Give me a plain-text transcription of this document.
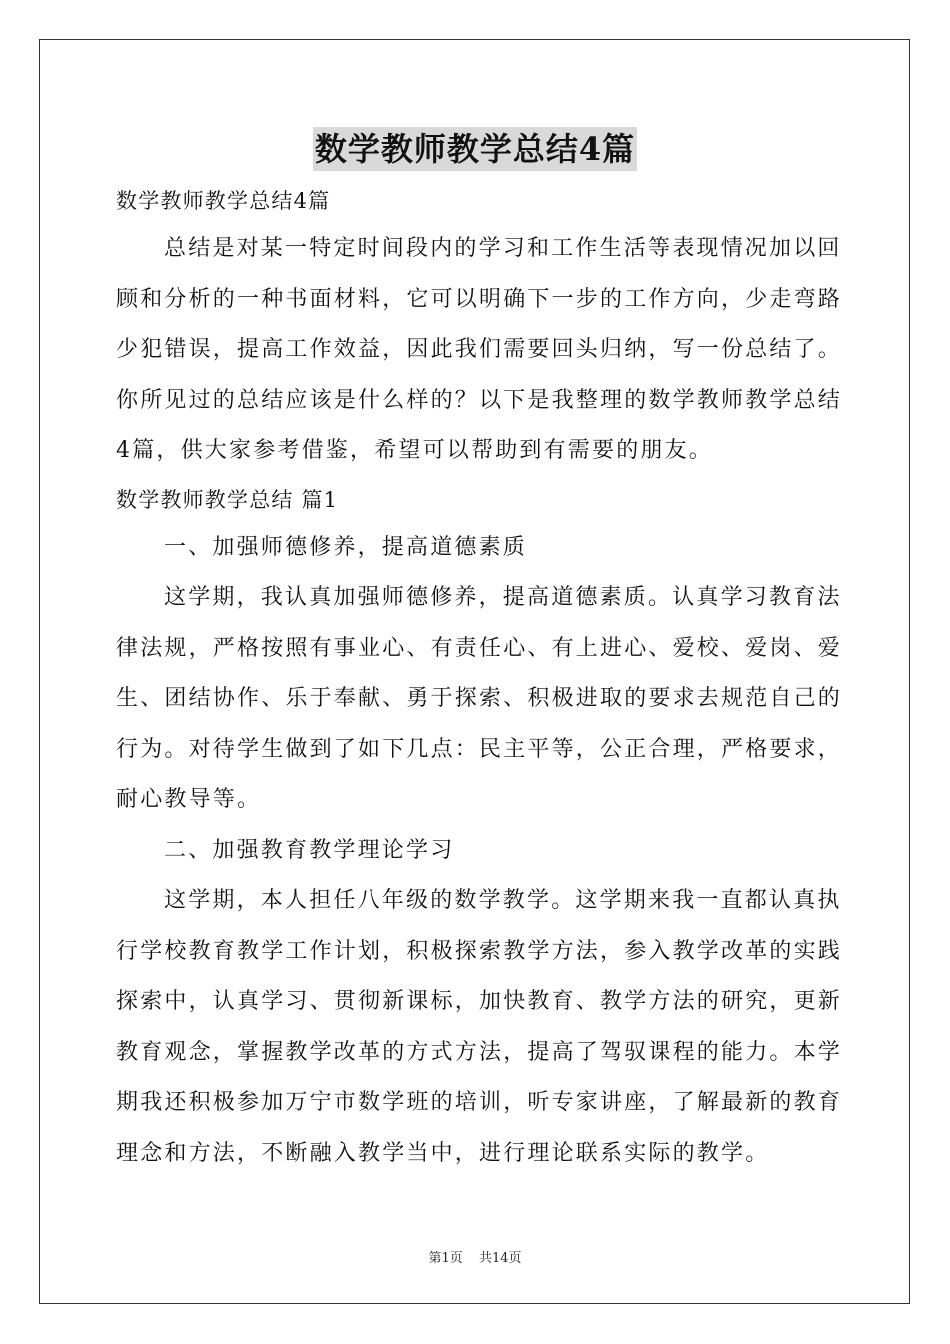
数学教师教学总结4篇
数学教师教学总结4篇
总结是对某一特定时间段内的学习和工作生活等表现情况加以回
顾和分析的一种书面材料，它可以明确下一步的工作方向，少走弯路
少犯错误，提高工作效益，因此我们需要回头归纳，写一份总结了。
你所见过的总结应该是什么样的？以下是我整理的数学教师教学总结
4篇，供大家参考借鉴，希望可以帮助到有需要的朋友。
数学教师教学总结 篇1
一、加强师德修养，提高道德素质
这学期，我认真加强师德修养，提高道德素质。认真学习教育法
律法规，严格按照有事业心、有责任心、有上进心、爱校、爱岗、爱
生、团结协作、乐于奉献、勇于探索、积极进取的要求去规范自己的
行为。对待学生做到了如下几点：民主平等，公正合理，严格要求，
耐心教导等。
二、加强教育教学理论学习
这学期，本人担任八年级的数学教学。这学期来我一直都认真执
行学校教育教学工作计划，积极探索教学方法，参入教学改革的实践
探索中，认真学习、贯彻新课标，加快教育、教学方法的研究，更新
教育观念，掌握教学改革的方式方法，提高了驾驭课程的能力。本学
期我还积极参加万宁市数学班的培训，听专家讲座，了解最新的教育
理念和方法，不断融入教学当中，进行理论联系实际的教学。
第1页 共14页
